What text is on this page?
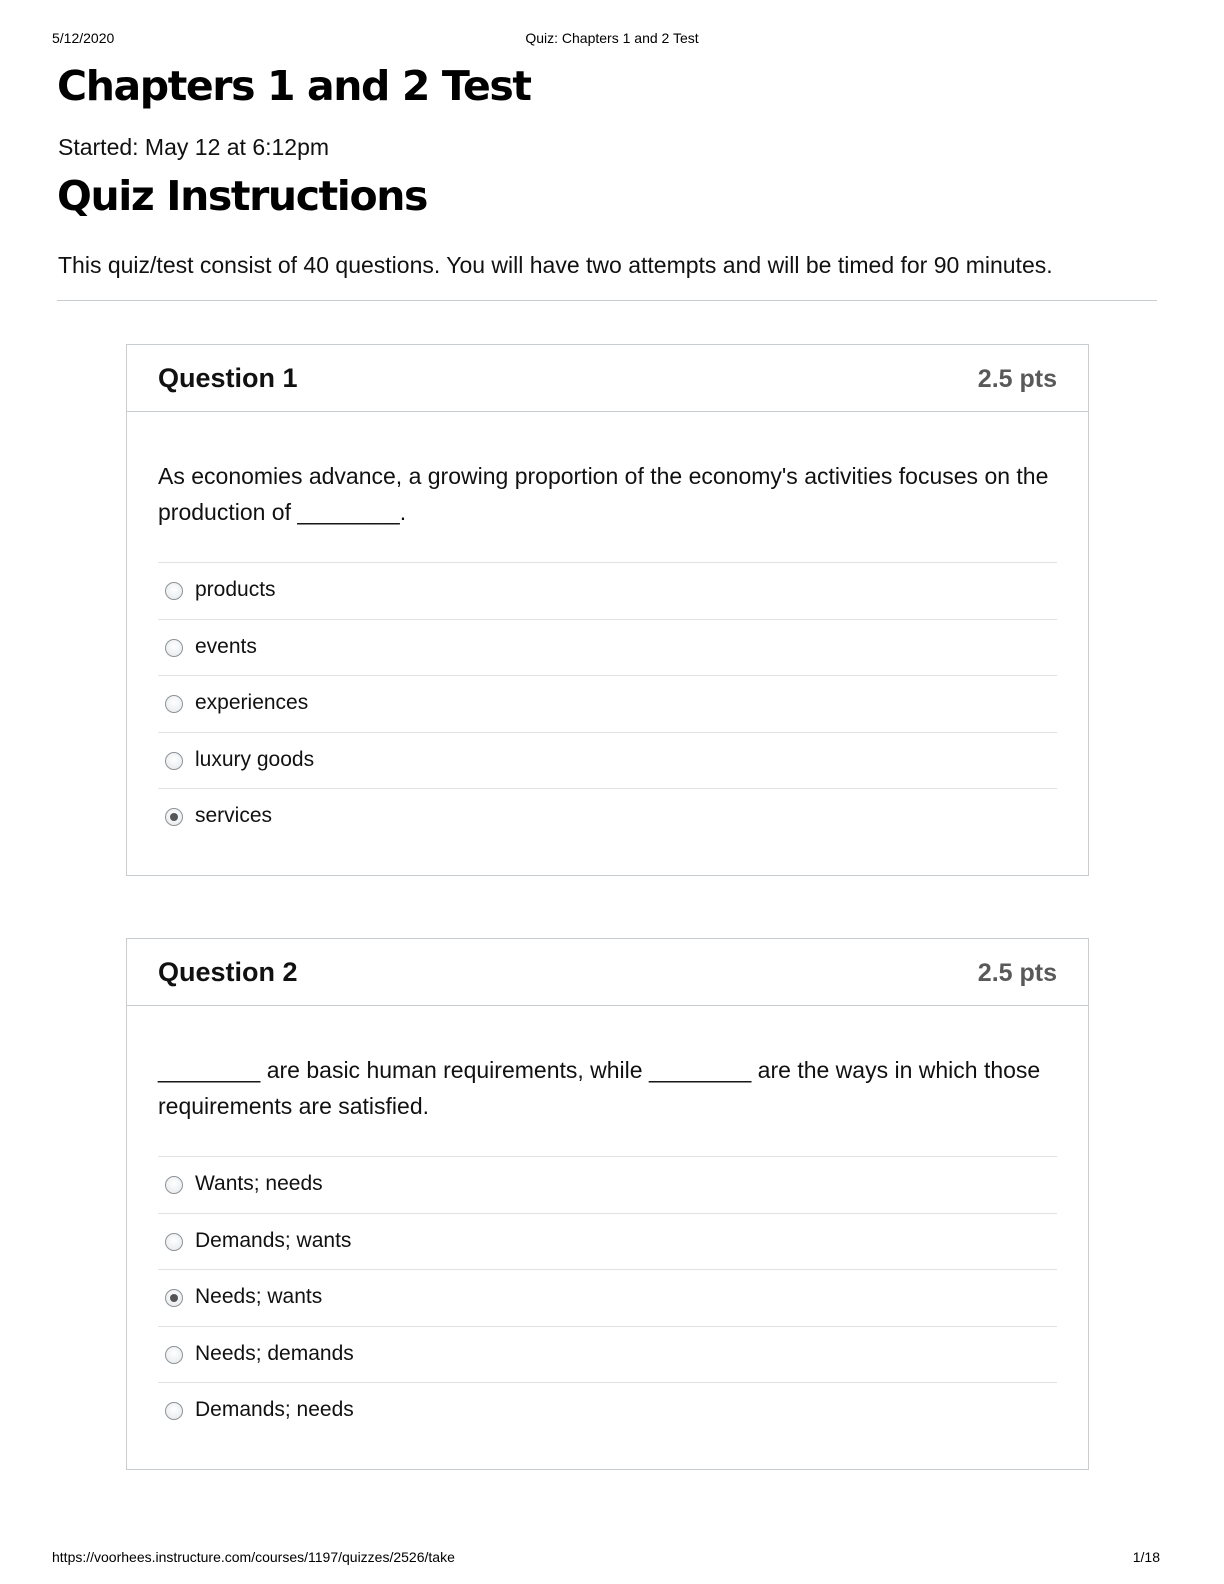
5/12/2020	Quiz: Chapters 1 and 2 Test
Chapters 1 and 2 Test
Started: May 12 at 6:12pm
Quiz Instructions
This quiz/test consist of 40 questions. You will have two attempts and will be timed for 90 minutes.
Question 1	2.5 pts
As economies advance, a growing proportion of the economy's activities focuses on the production of ________.
products
events
experiences
luxury goods
services
Question 2	2.5 pts
________ are basic human requirements, while ________ are the ways in which those requirements are satisfied.
Wants; needs
Demands; wants
Needs; wants
Needs; demands
Demands; needs
https://voorhees.instructure.com/courses/1197/quizzes/2526/take	1/18
